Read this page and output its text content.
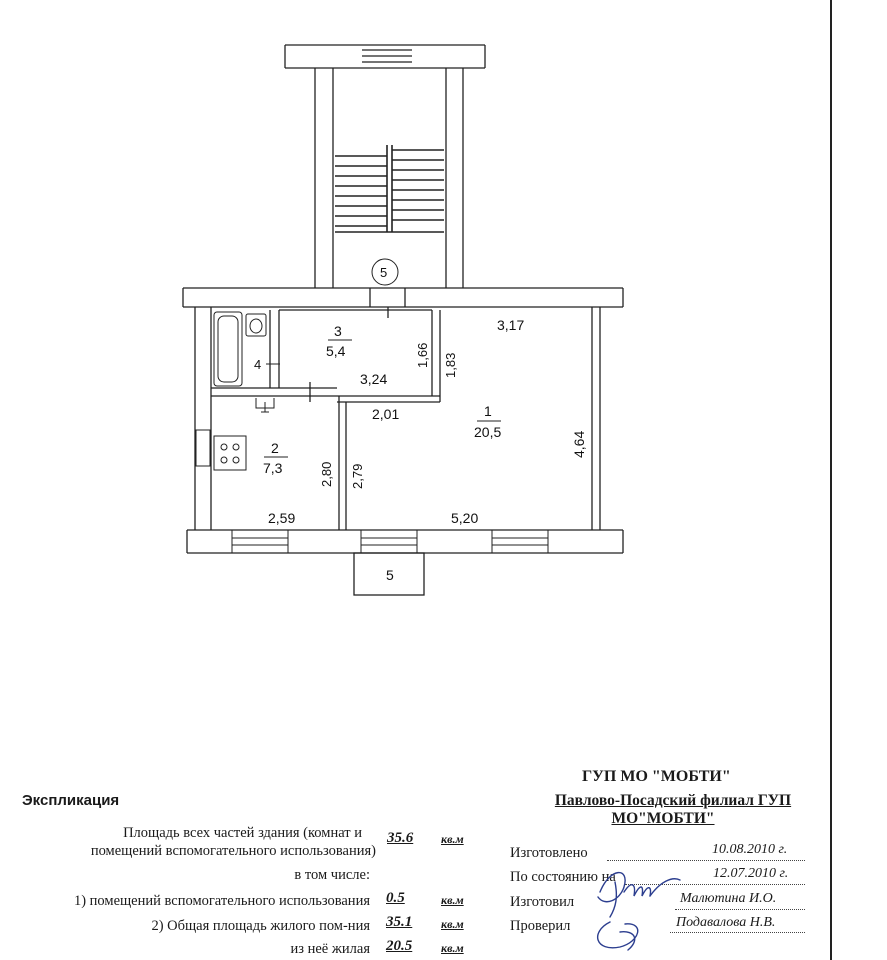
5
5
3
5,4
1
20,5
2
7,3
4
3,17
3,24
2,01
5,20
2,59
4,64
1,66 1,83
2,80 2,79
Экспликация
Площадь всех частей здания (комнат и
помещений вспомогательного использования)
35.6 кв.м
в том числе:
1) помещений вспомогательного использования 0.5	кв.м
2) Общая площадь жилого пом-ния 35.1 кв.м
из неё жилая 20.5 кв.м
ГУП МО "МОБТИ"
Павлово-Посадский филиал ГУП
МО"МОБТИ"
Изготовлено	10.08.2010 г.
По состоянию на	12.07.2010 г.
Изготовил	Малютина И.О.
Проверил	Подавалова Н.В.
